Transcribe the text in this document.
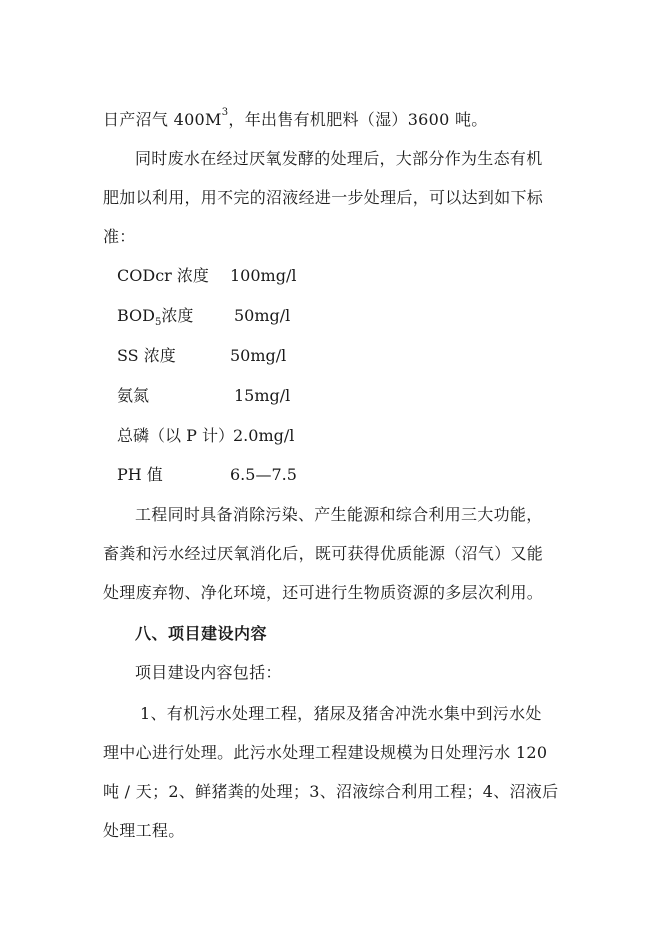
日产沼气 $400M^3$，年出售有机肥料（湿）3600 吨。
同时废水在经过厌氧发酵的处理后，大部分作为生态有机
肥加以利用，用不完的沼液经进一步处理后，可以达到如下标
准：
CODcr 浓度 100mg/l
$BOD_5$浓度	50mg/l
SS 浓度	50mg/l
氨氮	15mg/l
总磷（以 P 计） 2.0mg/l
PH 值	6.5—7.5
工程同时具备消除污染、产生能源和综合利用三大功能，
畜粪和污水经过厌氧消化后，既可获得优质能源（沼气）又能
处理废弃物、净化环境，还可进行生物质资源的多层次利用。
八、项目建设内容
项目建设内容包括：
1、有机污水处理工程，猪尿及猪舍冲洗水集中到污水处
理中心进行处理。此污水处理工程建设规模为日处理污水 120
吨 / 天；2、鲜猪粪的处理；3、沼液综合利用工程；4、沼液后
处理工程。
